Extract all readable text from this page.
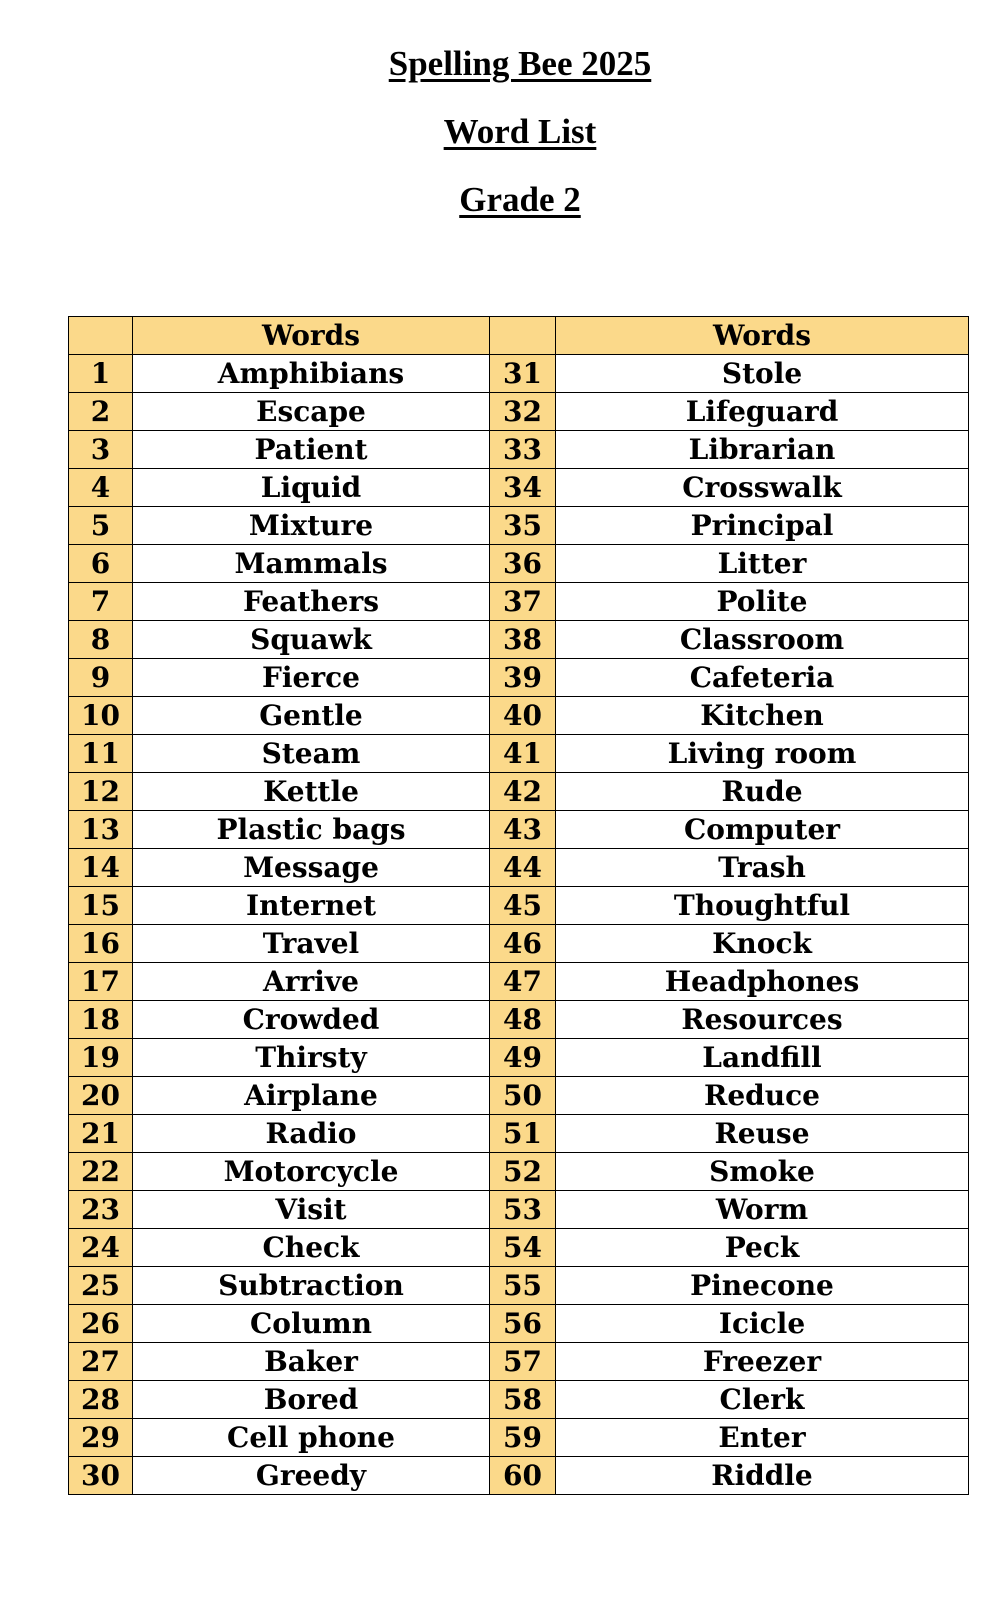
Spelling Bee 2025
Word List
Grade 2
	Words		Words
1	Amphibians	31	Stole
2	Escape	32	Lifeguard
3	Patient	33	Librarian
4	Liquid	34	Crosswalk
5	Mixture	35	Principal
6	Mammals	36	Litter
7	Feathers	37	Polite
8	Squawk	38	Classroom
9	Fierce	39	Cafeteria
10	Gentle	40	Kitchen
11	Steam	41	Living room
12	Kettle	42	Rude
13	Plastic bags	43	Computer
14	Message	44	Trash
15	Internet	45	Thoughtful
16	Travel	46	Knock
17	Arrive	47	Headphones
18	Crowded	48	Resources
19	Thirsty	49	Landfill
20	Airplane	50	Reduce
21	Radio	51	Reuse
22	Motorcycle	52	Smoke
23	Visit	53	Worm
24	Check	54	Peck
25	Subtraction	55	Pinecone
26	Column	56	Icicle
27	Baker	57	Freezer
28	Bored	58	Clerk
29	Cell phone	59	Enter
30	Greedy	60	Riddle
